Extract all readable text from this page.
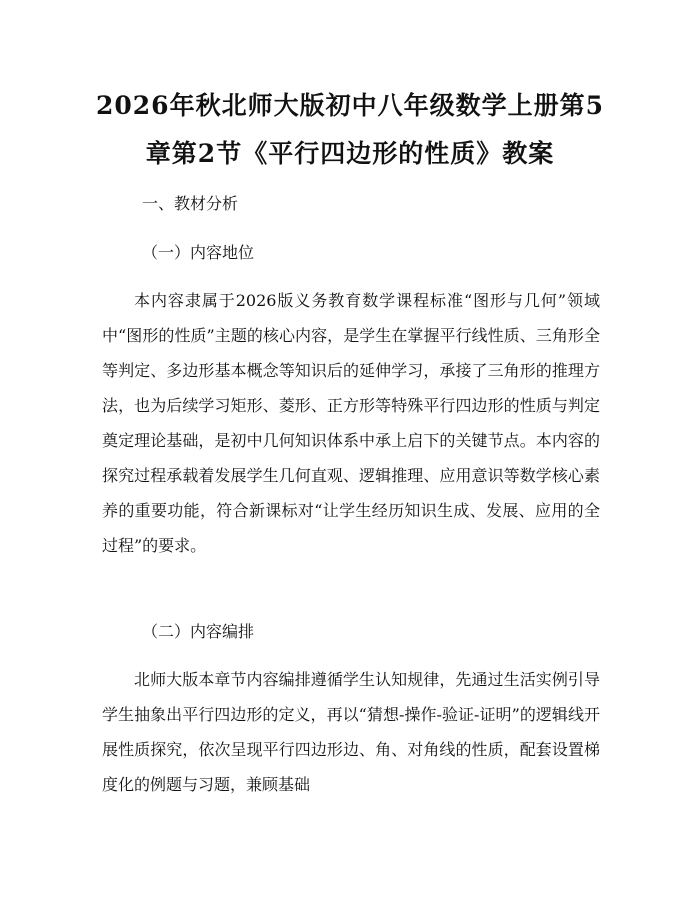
2026年秋北师大版初中八年级数学上册第5章第2节《平行四边形的性质》教案

一、教材分析

（一）内容地位

本内容隶属于2026版义务教育数学课程标准“图形与几何”领域中“图形的性质”主题的核心内容，是学生在掌握平行线性质、三角形全等判定、多边形基本概念等知识后的延伸学习，承接了三角形的推理方法，也为后续学习矩形、菱形、正方形等特殊平行四边形的性质与判定奠定理论基础，是初中几何知识体系中承上启下的关键节点。本内容的探究过程承载着发展学生几何直观、逻辑推理、应用意识等数学核心素养的重要功能，符合新课标对“让学生经历知识生成、发展、应用的全过程”的要求。

（二）内容编排

北师大版本章节内容编排遵循学生认知规律，先通过生活实例引导学生抽象出平行四边形的定义，再以“猜想-操作-验证-证明”的逻辑线开展性质探究，依次呈现平行四边形边、角、对角线的性质，配套设置梯度化的例题与习题，兼顾基础
